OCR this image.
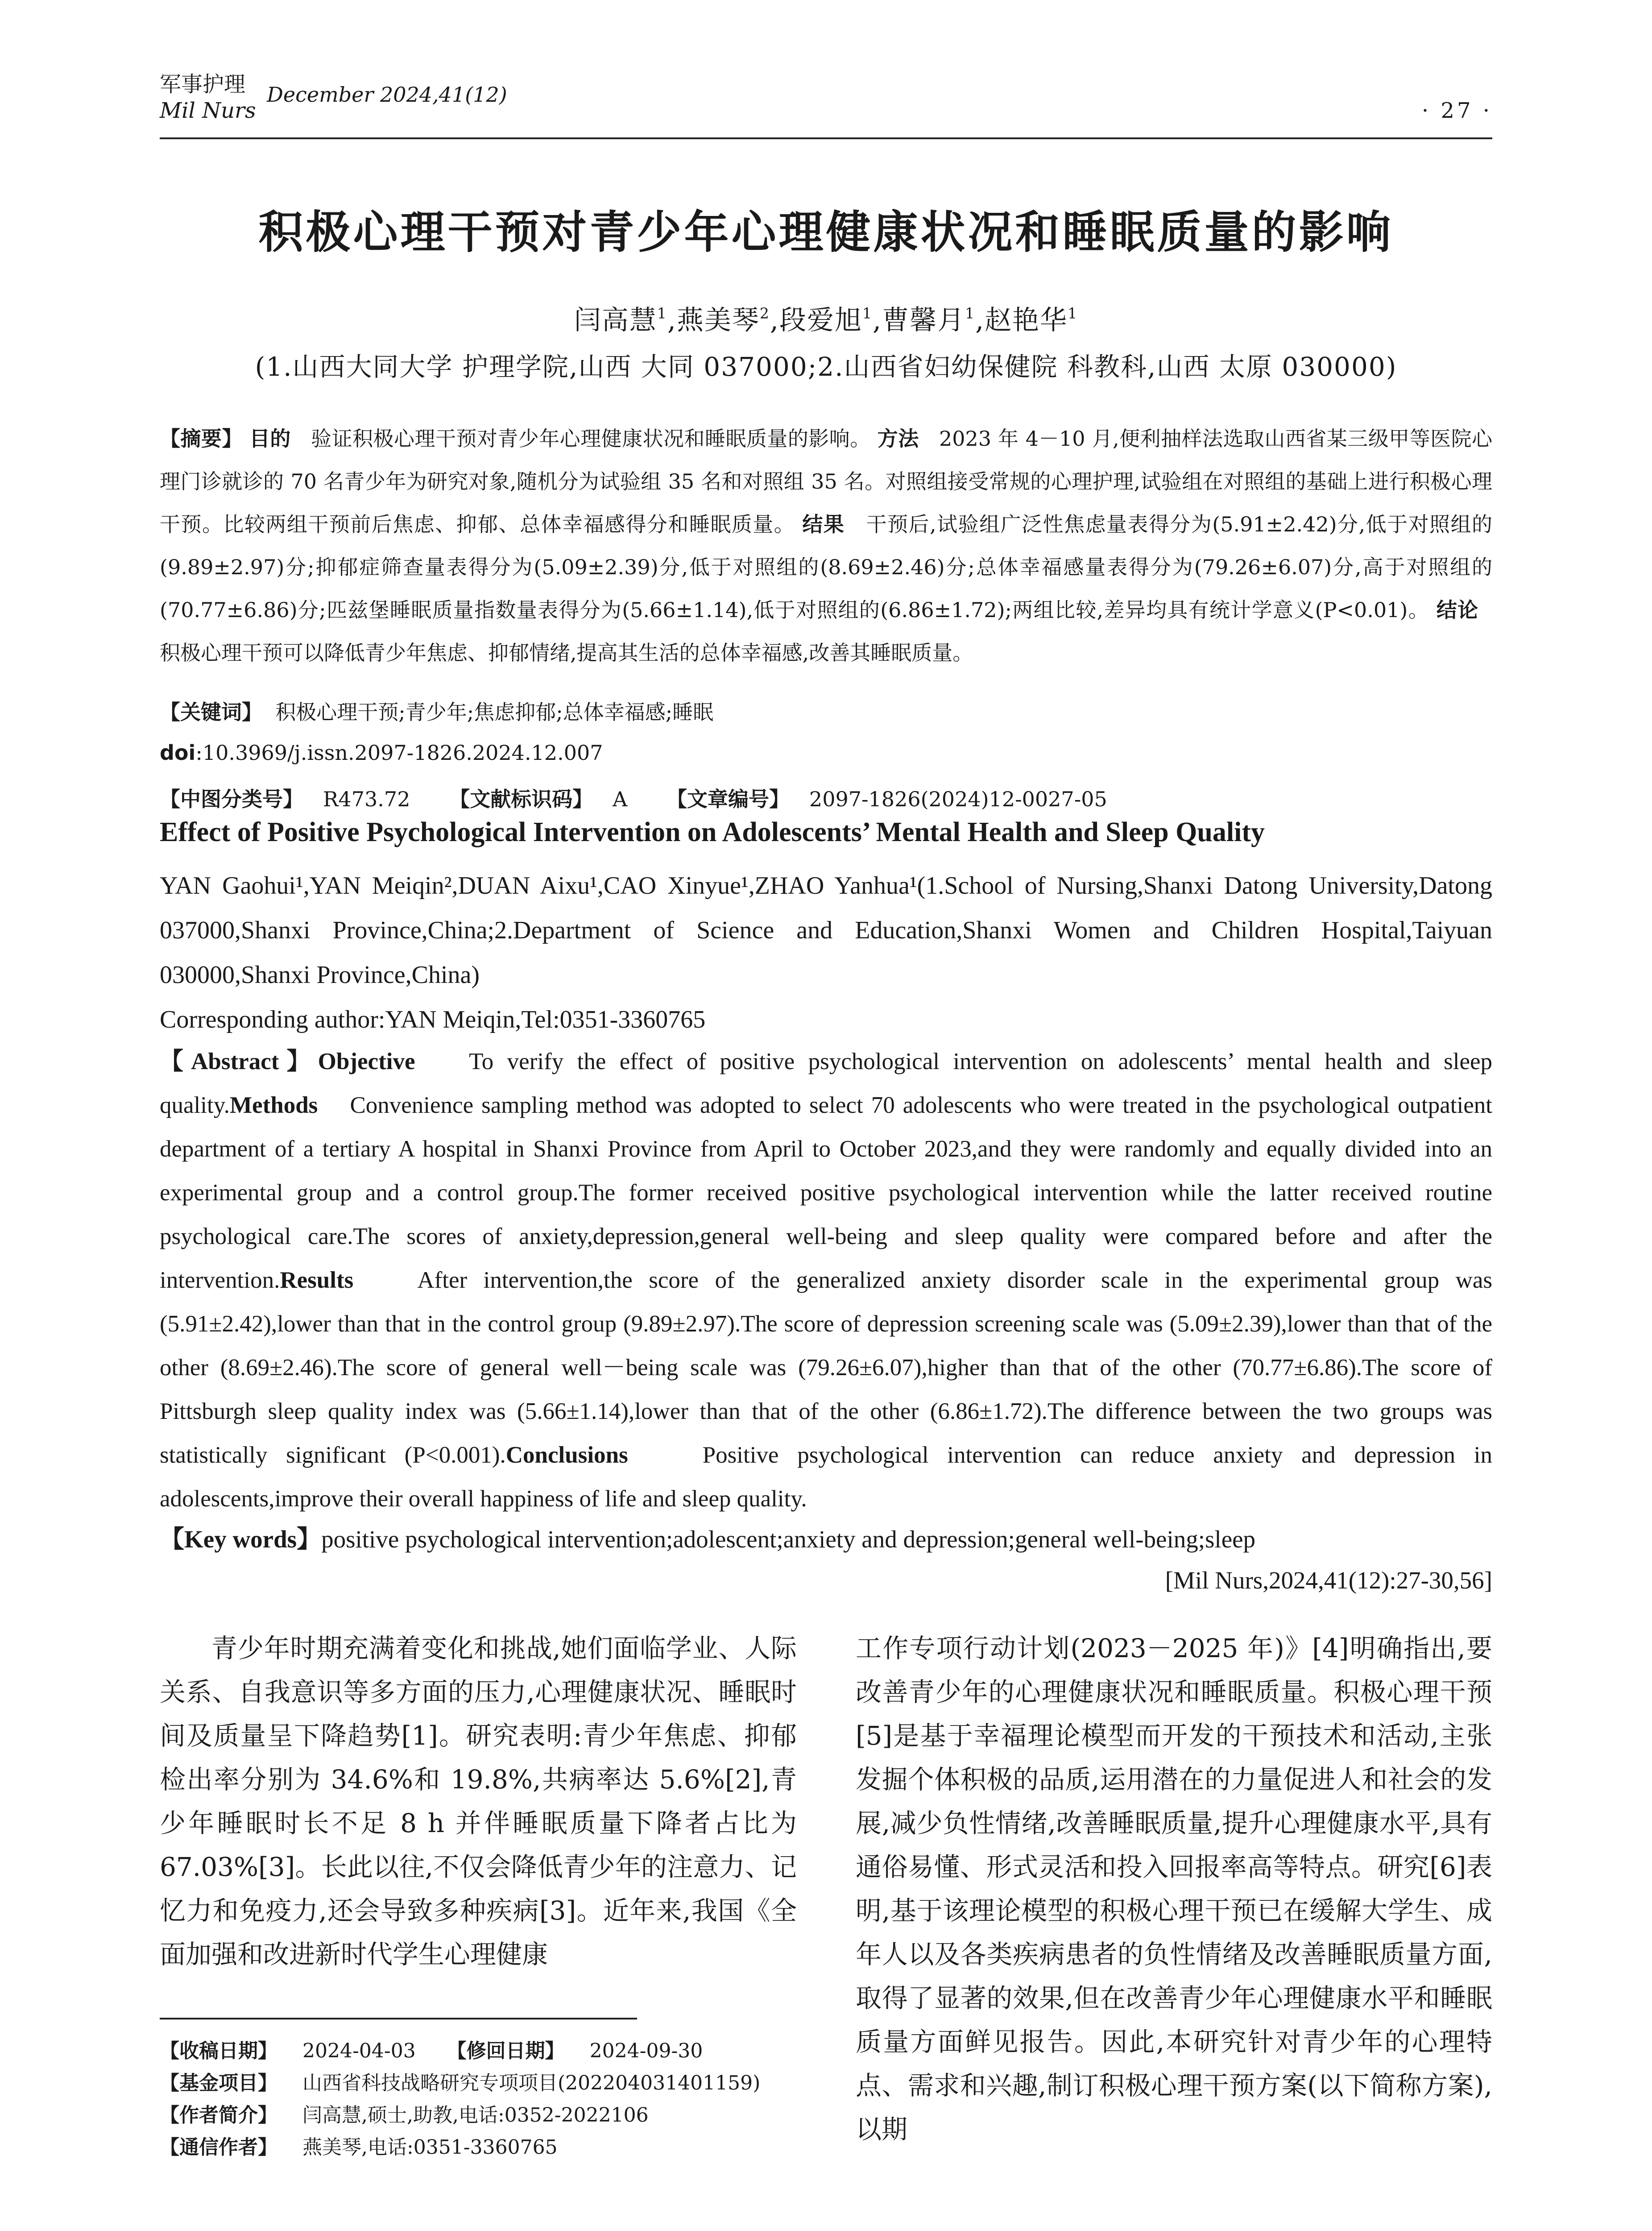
军事护理
Mil Nurs
December 2024,41(12)
· 27 ·
积极心理干预对青少年心理健康状况和睡眠质量的影响
闫高慧$^1$,燕美琴$^2$,段爱旭$^1$,曹馨月$^1$,赵艳华$^1$
(1.山西大同大学 护理学院,山西 大同 037000;2.山西省妇幼保健院 科教科,山西 太原 030000)
【摘要】 目的 验证积极心理干预对青少年心理健康状况和睡眠质量的影响。 方法 2023 年 4－10 月,便利抽样法选取山西省某三级甲等医院心理门诊就诊的 70 名青少年为研究对象,随机分为试验组 35 名和对照组 35 名。对照组接受常规的心理护理,试验组在对照组的基础上进行积极心理干预。比较两组干预前后焦虑、抑郁、总体幸福感得分和睡眠质量。 结果 干预后,试验组广泛性焦虑量表得分为(5.91±2.42)分,低于对照组的(9.89±2.97)分;抑郁症筛查量表得分为(5.09±2.39)分,低于对照组的(8.69±2.46)分;总体幸福感量表得分为(79.26±6.07)分,高于对照组的(70.77±6.86)分;匹兹堡睡眠质量指数量表得分为(5.66±1.14),低于对照组的(6.86±1.72);两组比较,差异均具有统计学意义(P<0.01)。 结论   积极心理干预可以降低青少年焦虑、抑郁情绪,提高其生活的总体幸福感,改善其睡眠质量。
【关键词】 积极心理干预;青少年;焦虑抑郁;总体幸福感;睡眠
doi:10.3969/j.issn.2097-1826.2024.12.007
【中图分类号】 R473.72 【文献标识码】 A 【文章编号】 2097-1826(2024)12-0027-05
Effect of Positive Psychological Intervention on Adolescents’ Mental Health and Sleep Quality
YAN Gaohui¹,YAN Meiqin²,DUAN Aixu¹,CAO Xinyue¹,ZHAO Yanhua¹(1.School of Nursing,Shanxi Datong University,Datong 037000,Shanxi Province,China;2.Department of Science and Education,Shanxi Women and Children Hospital,Taiyuan 030000,Shanxi Province,China)
Corresponding author:YAN Meiqin,Tel:0351-3360765
【Abstract】Objective To verify the effect of positive psychological intervention on adolescents’ mental health and sleep quality.Methods Convenience sampling method was adopted to select 70 adolescents who were treated in the psychological outpatient department of a tertiary A hospital in Shanxi Province from April to October 2023,and they were randomly and equally divided into an experimental group and a control group.The former received positive psychological intervention while the latter received routine psychological care.The scores of anxiety,depression,general well-being and sleep quality were compared before and after the intervention.Results	After intervention,the score of the generalized anxiety disorder scale in the experimental group was (5.91±2.42),lower than that in the control group (9.89±2.97).The score of depression screening scale was (5.09±2.39),lower than that of the other (8.69±2.46).The score of general well－being scale was (79.26±6.07),higher than that of the other (70.77±6.86).The score of Pittsburgh sleep quality index was (5.66±1.14),lower than that of the other (6.86±1.72).The difference between the two groups was statistically significant (P<0.001).Conclusions	Positive psychological intervention can reduce anxiety and depression in adolescents,improve their overall happiness of life and sleep quality.
【Key words】positive psychological intervention;adolescent;anxiety and depression;general well-being;sleep
[Mil Nurs,2024,41(12):27-30,56]
青少年时期充满着变化和挑战,她们面临学业、人际关系、自我意识等多方面的压力,心理健康状况、睡眠时间及质量呈下降趋势[1]。研究表明:青少年焦虑、抑郁检出率分别为 34.6%和 19.8%,共病率达 5.6%[2],青少年睡眠时长不足 8 h 并伴睡眠质量下降者占比为 67.03%[3]。长此以往,不仅会降低青少年的注意力、记忆力和免疫力,还会导致多种疾病[3]。近年来,我国《全面加强和改进新时代学生心理健康
工作专项行动计划(2023－2025 年)》[4]明确指出,要改善青少年的心理健康状况和睡眠质量。积极心理干预[5]是基于幸福理论模型而开发的干预技术和活动,主张发掘个体积极的品质,运用潜在的力量促进人和社会的发展,减少负性情绪,改善睡眠质量,提升心理健康水平,具有通俗易懂、形式灵活和投入回报率高等特点。研究[6]表明,基于该理论模型的积极心理干预已在缓解大学生、成年人以及各类疾病患者的负性情绪及改善睡眠质量方面,取得了显著的效果,但在改善青少年心理健康水平和睡眠质量方面鲜见报告。因此,本研究针对青少年的心理特点、需求和兴趣,制订积极心理干预方案(以下简称方案),以期
【收稿日期】 2024-04-03 【修回日期】 2024-09-30
【基金项目】 山西省科技战略研究专项项目(202204031401159)
【作者简介】 闫高慧,硕士,助教,电话:0352-2022106
【通信作者】 燕美琴,电话:0351-3360765
